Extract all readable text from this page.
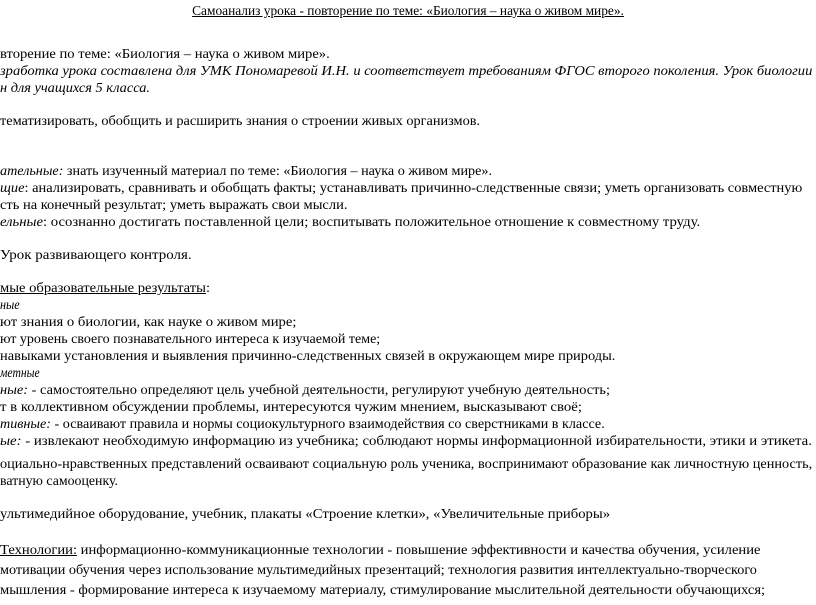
Самоанализ урока - повторение по теме: «Биология – наука о живом мире».
вторение по теме: «Биология – наука о живом мире».
зработка урока составлена для УМК Пономаревой И.Н. и соответствует требованиям ФГОС второго поколения. Урок биологии
н для учащихся 5 класса.
тематизировать, обобщить и расширить знания о строении живых организмов.
ательные: знать изученный материал по теме: «Биология – наука о живом мире».
щие: анализировать, сравнивать и обобщать факты; устанавливать причинно-следственные связи; уметь организовать совместную
сть на конечный результат; уметь выражать свои мысли.
ельные: осознанно достигать поставленной цели; воспитывать положительное отношение к совместному труду.
Урок развивающего контроля.
мые образовательные результаты:
ные
ют знания о биологии, как науке о живом мире;
ют уровень своего познавательного интереса к изучаемой теме;
навыками установления и выявления причинно-следственных связей в окружающем мире природы.
метные
ные: - самостоятельно определяют цель учебной деятельности, регулируют учебную деятельность;
т в коллективном обсуждении проблемы, интересуются чужим мнением, высказывают своё;
тивные: - осваивают правила и нормы социокультурного взаимодействия со сверстниками в классе.
ые: - извлекают необходимую информацию из учебника; соблюдают нормы информационной избирательности, этики и этикета.
оциально-нравственных представлений осваивают социальную роль ученика, воспринимают образование как личностную ценность,
ватную самооценку.
ультимедийное оборудование, учебник, плакаты «Строение клетки», «Увеличительные приборы»
Технологии: информационно-коммуникационные технологии - повышение эффективности и качества обучения, усиление
мотивации обучения через использование мультимедийных презентаций; технология развития интеллектуально-творческого
мышления - формирование интереса к изучаемому материалу, стимулирование мыслительной деятельности обучающихся;
